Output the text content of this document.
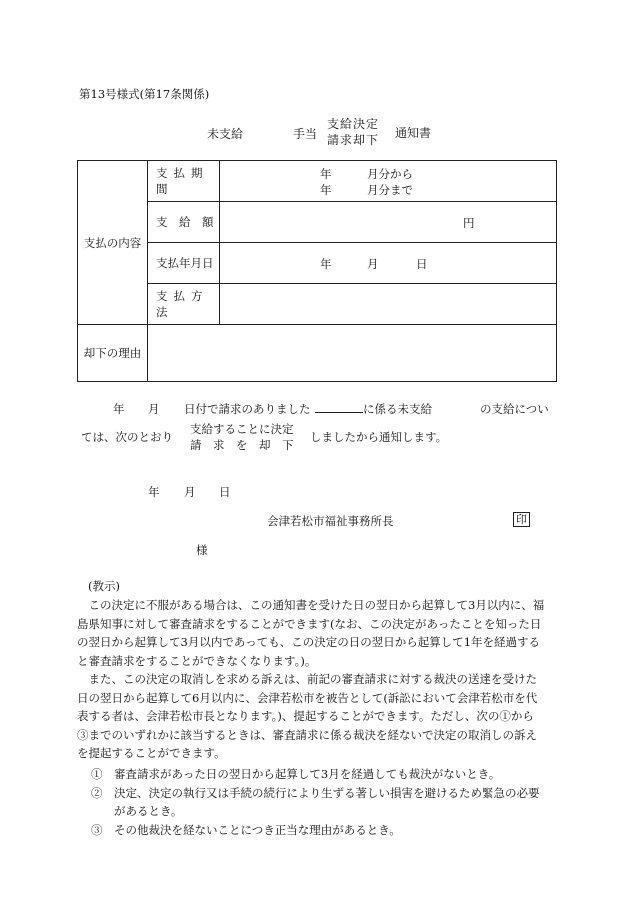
第13号様式(第17条関係)
未支給	手当
支給決定
請求却下 通知書
支払の内容	支払期間	年 月分から
年 月分まで

	支　給　額	円

	支払年月日	年 月 日

	支払方法	
却下の理由		
年 月 日付で請求のありました	に係る未支給	の支給につい
ては、次のとおり
支給することに決定
請　求　を　却　下
しましたから通知します。
年 月 日
会津若松市福祉事務所長	印
様
(教示)
　この決定に不服がある場合は、この通知書を受けた日の翌日から起算して3月以内に、福
島県知事に対して審査請求をすることができます(なお、この決定があったことを知った日
の翌日から起算して3月以内であっても、この決定の日の翌日から起算して1年を経過する
と審査請求をすることができなくなります。)。
　また、この決定の取消しを求める訴えは、前記の審査請求に対する裁決の送達を受けた
日の翌日から起算して6月以内に、会津若松市を被告として(訴訟において会津若松市を代
表する者は、会津若松市長となります。)、提起することができます。ただし、次の①から
③までのいずれかに該当するときは、審査請求に係る裁決を経ないで決定の取消しの訴え
を提起することができます。
①　審査請求があった日の翌日から起算して3月を経過しても裁決がないとき。
②　決定、決定の執行又は手続の続行により生ずる著しい損害を避けるため緊急の必要
　　があるとき。
③　その他裁決を経ないことにつき正当な理由があるとき。
